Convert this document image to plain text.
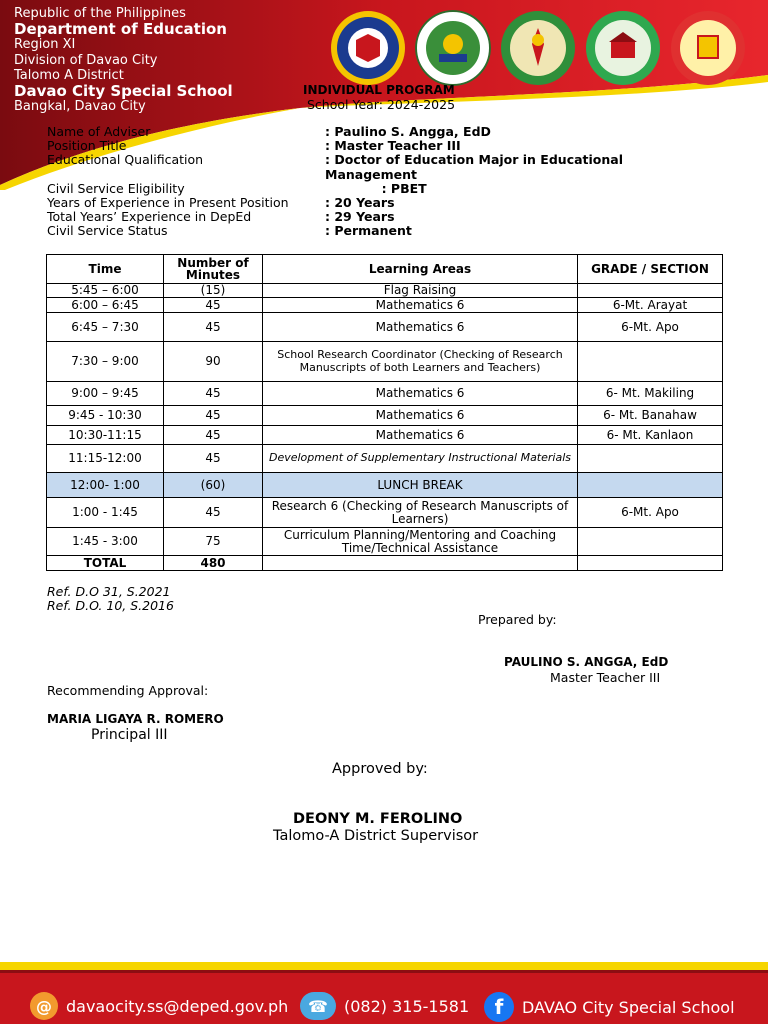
Republic of the Philippines
Department of Education
Region XI
Division of Davao City
Talomo A District
Davao City Special School
Bangkal, Davao City
INDIVIDUAL PROGRAM
School Year: 2024-2025
Name of Adviser	: Paulino S. Angga, EdD
Position Title	: Master Teacher III
Educational Qualification	: Doctor of Education Major in Educational
Management
Civil Service Eligibility	: PBET
Years of Experience in Present Position	: 20 Years
Total Years’ Experience in DepEd	: 29 Years
Civil Service Status	: Permanent
Time	Number of Minutes	Learning Areas	GRADE / SECTION
5:45 – 6:00	(15)	Flag Raising	
6:00 – 6:45	45	Mathematics 6	6-Mt. Arayat
6:45 – 7:30	45	Mathematics 6	6-Mt. Apo
7:30 – 9:00	90	School Research Coordinator (Checking of Research Manuscripts of both Learners and Teachers)	
9:00 – 9:45	45	Mathematics 6	6- Mt. Makiling
9:45 - 10:30	45	Mathematics 6	6- Mt. Banahaw
10:30-11:15	45	Mathematics 6	6- Mt. Kanlaon
11:15-12:00	45	Development of Supplementary Instructional Materials	
12:00- 1:00	(60)	LUNCH BREAK	
1:00 - 1:45	45	Research 6 (Checking of Research Manuscripts of Learners)	6-Mt. Apo
1:45 - 3:00	75	Curriculum Planning/Mentoring and Coaching Time/Technical Assistance	
TOTAL	480		
Ref. D.O 31, S.2021
Ref. D.O. 10, S.2016
Prepared by:
PAULINO S. ANGGA, EdD
Master Teacher III
Recommending Approval:
MARIA LIGAYA R. ROMERO
Principal III
Approved by:
DEONY M. FEROLINO
Talomo-A District Supervisor
@ davaocity.ss@deped.gov.ph	☎	(082) 315-1581	f	DAVAO City Special School
